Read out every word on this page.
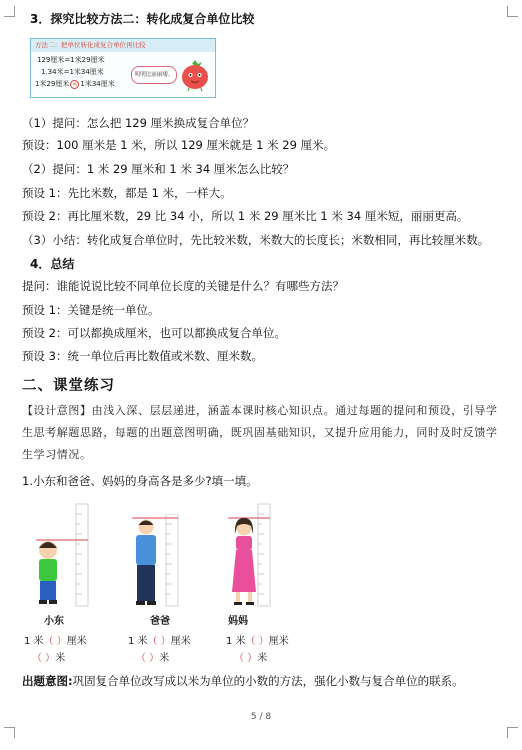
3．探究比较方法二：转化成复合单位比较
方法二：把单位转化成复合单位再比较
129厘米=1米29厘米
1.34米=1米34厘米
1米29厘米 < 1米34厘米
明明比丽丽矮。
（1）提问：怎么把 129 厘米换成复合单位？
预设：100 厘米是 1 米，所以 129 厘米就是 1 米 29 厘米。
（2）提问：1 米 29 厘米和 1 米 34 厘米怎么比较？
预设 1：先比米数，都是 1 米，一样大。
预设 2：再比厘米数，29 比 34 小，所以 1 米 29 厘米比 1 米 34 厘米短，丽丽更高。
（3）小结：转化成复合单位时，先比较米数，米数大的长度长；米数相同，再比较厘米数。
4．总结
提问：谁能说说比较不同单位长度的关键是什么？有哪些方法？
预设 1：关键是统一单位。
预设 2：可以都换成厘米，也可以都换成复合单位。
预设 3：统一单位后再比数值或米数、厘米数。
二、课堂练习
【设计意图】由浅入深、层层递进，涵盖本课时核心知识点。通过每题的提问和预设，引导学
生思考解题思路，每题的出题意图明确，既巩固基础知识，又提升应用能力，同时及时反馈学
生学习情况。
1.小东和爸爸、妈妈的身高各是多少?填一填。
小东
1 米（ ）厘米
（ ）米
爸爸
1 米（ ）厘米
（ ）米
妈妈
1 米（ ）厘米
（ ）米
出题意图:巩固复合单位改写成以米为单位的小数的方法，强化小数与复合单位的联系。
5 / 8
